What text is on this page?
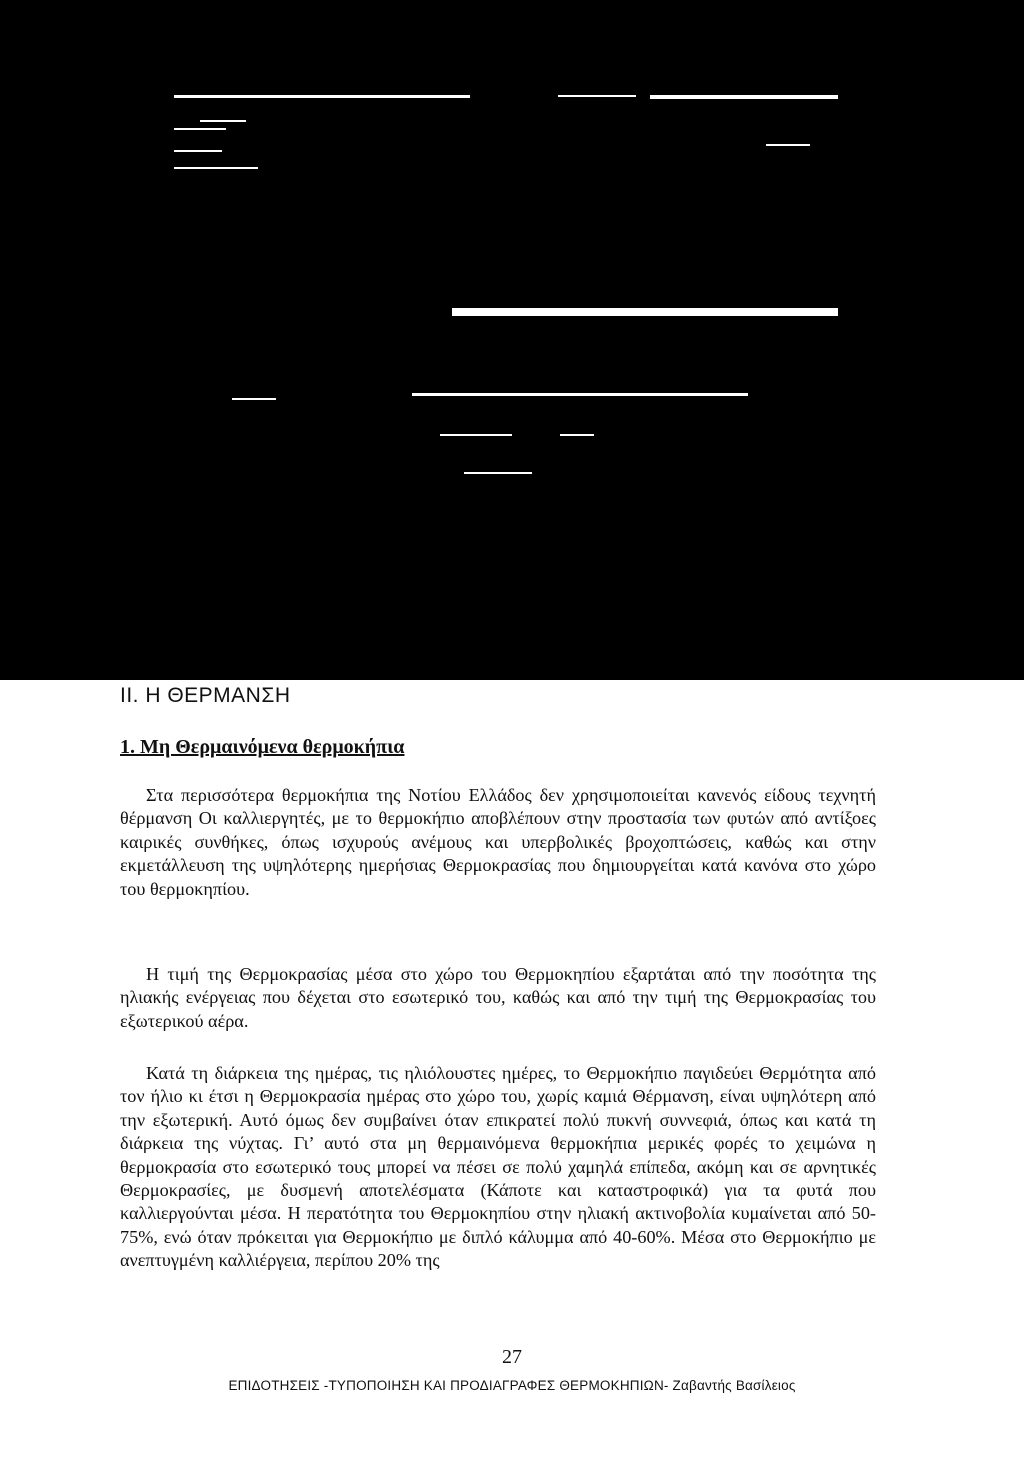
II. Η ΘΕΡΜΑΝΣΗ
1. Μη Θερμαινόμενα θερμοκήπια

Στα περισσότερα θερμοκήπια της Νοτίου Ελλάδος δεν χρησιμοποιείται κανενός είδους τεχνητή θέρμανση Οι καλλιεργητές, με το θερμοκήπιο αποβλέπουν στην προστασία των φυτών από αντίξοες καιρικές συνθήκες, όπως ισχυρούς ανέμους και υπερβολικές βροχοπτώσεις, καθώς και στην εκμετάλλευση της υψηλότερης ημερήσιας Θερμοκρασίας που δημιουργείται κατά κανόνα στο χώρο του θερμοκηπίου.

Η τιμή της Θερμοκρασίας μέσα στο χώρο του Θερμοκηπίου εξαρτάται από την ποσότητα της ηλιακής ενέργειας που δέχεται στο εσωτερικό του, καθώς και από την τιμή της Θερμοκρασίας του εξωτερικού αέρα.

Κατά τη διάρκεια της ημέρας, τις ηλιόλουστες ημέρες, το Θερμοκήπιο παγιδεύει Θερμότητα από τον ήλιο κι έτσι η Θερμοκρασία ημέρας στο χώρο του, χωρίς καμιά Θέρμανση, είναι υψηλότερη από την εξωτερική. Αυτό όμως δεν συμβαίνει όταν επικρατεί πολύ πυκνή συννεφιά, όπως και κατά τη διάρκεια της νύχτας. Γι’ αυτό στα μη θερμαινόμενα θερμοκήπια μερικές φορές το χειμώνα η θερμοκρασία στο εσωτερικό τους μπορεί να πέσει σε πολύ χαμηλά επίπεδα, ακόμη και σε αρνητικές Θερμοκρασίες, με δυσμενή αποτελέσματα (Κάποτε και καταστροφικά) για τα φυτά που καλλιεργούνται μέσα. Η περατότητα του Θερμοκηπίου στην ηλιακή ακτινοβολία κυμαίνεται από 50- 75%, ενώ όταν πρόκειται για Θερμοκήπιο με διπλό κάλυμμα από 40-60%. Μέσα στο Θερμοκήπιο με ανεπτυγμένη καλλιέργεια, περίπου 20% της

27
ΕΠΙΔΟΤΗΣΕΙΣ -ΤΥΠΟΠΟΙΗΣΗ ΚΑΙ ΠΡΟΔΙΑΓΡΑΦΕΣ ΘΕΡΜΟΚΗΠΙΩΝ- Ζαβαντής Βασίλειος
